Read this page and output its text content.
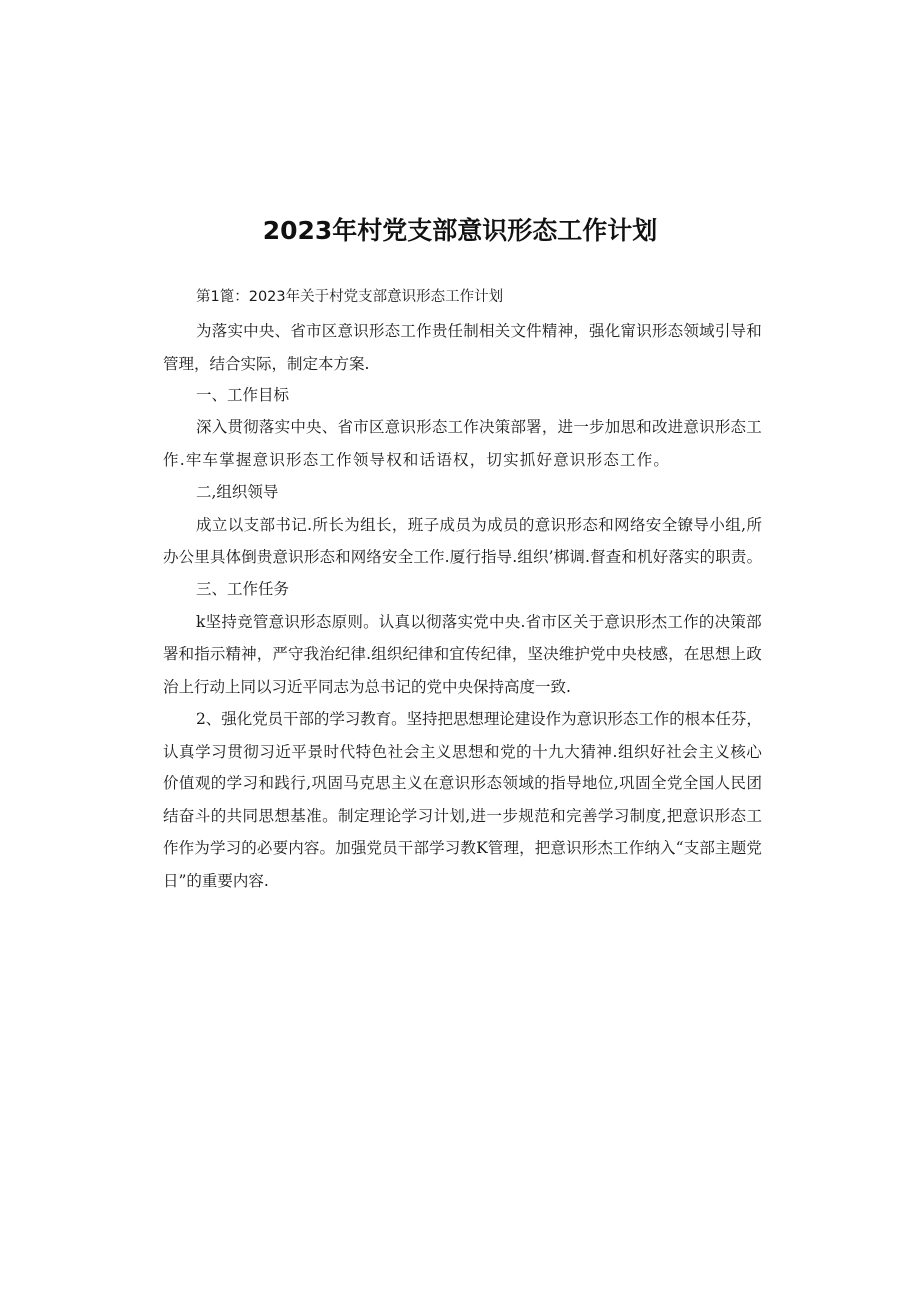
2023年村党支部意识形态工作计划

第1篦：2023年关于村党支部意识形态工作计划

为落实中央、省市区意识形态工作贵任制相关文件精神，强化甯识形态领域引导和

管理，结合实际，制定本方案.

一、工作目标

深入贯彻落实中央、省市区意识形态工作决策部署，进一步加思和改进意识形态工

作.牢车掌握意识形态工作领导权和话语权，切实抓好意识形态工作。

二,组织领导

成立以支部书记.所长为组长，班子成员为成员的意识形态和网络安全镣导小组,所

办公里具体倒贵意识形态和网络安全工作.厦行指导.组织’梆调.督查和机好落实的职责。

三、工作任务

k坚持竞管意识形态原则。认真以彻落实党中央.省市区关于意识形杰工作的决策部

署和指示精神，严守我治纪律.组织纪律和宜传纪律，坚决维护党中央枝感，在思想上政

治上行动上同以习近平同志为总书记的党中央保持高度一致.

2、强化党员干部的学习教育。坚持把思想理论建设作为意识形态工作的根本任芬，

认真学习贯彻习近平景时代特色社会主义思想和党的十九大猜神.组织好社会主义核心

价值观的学习和践行,巩固马克思主义在意识形态领域的指导地位,巩固全党全国人民团

结奋斗的共同思想基准。制定理论学习计划,进一步规范和完善学习制度,把意识形态工

作作为学习的必要内容。加强党员干部学习教K管理，把意识形杰工作纳入“支部主题党

日”的重要内容.
